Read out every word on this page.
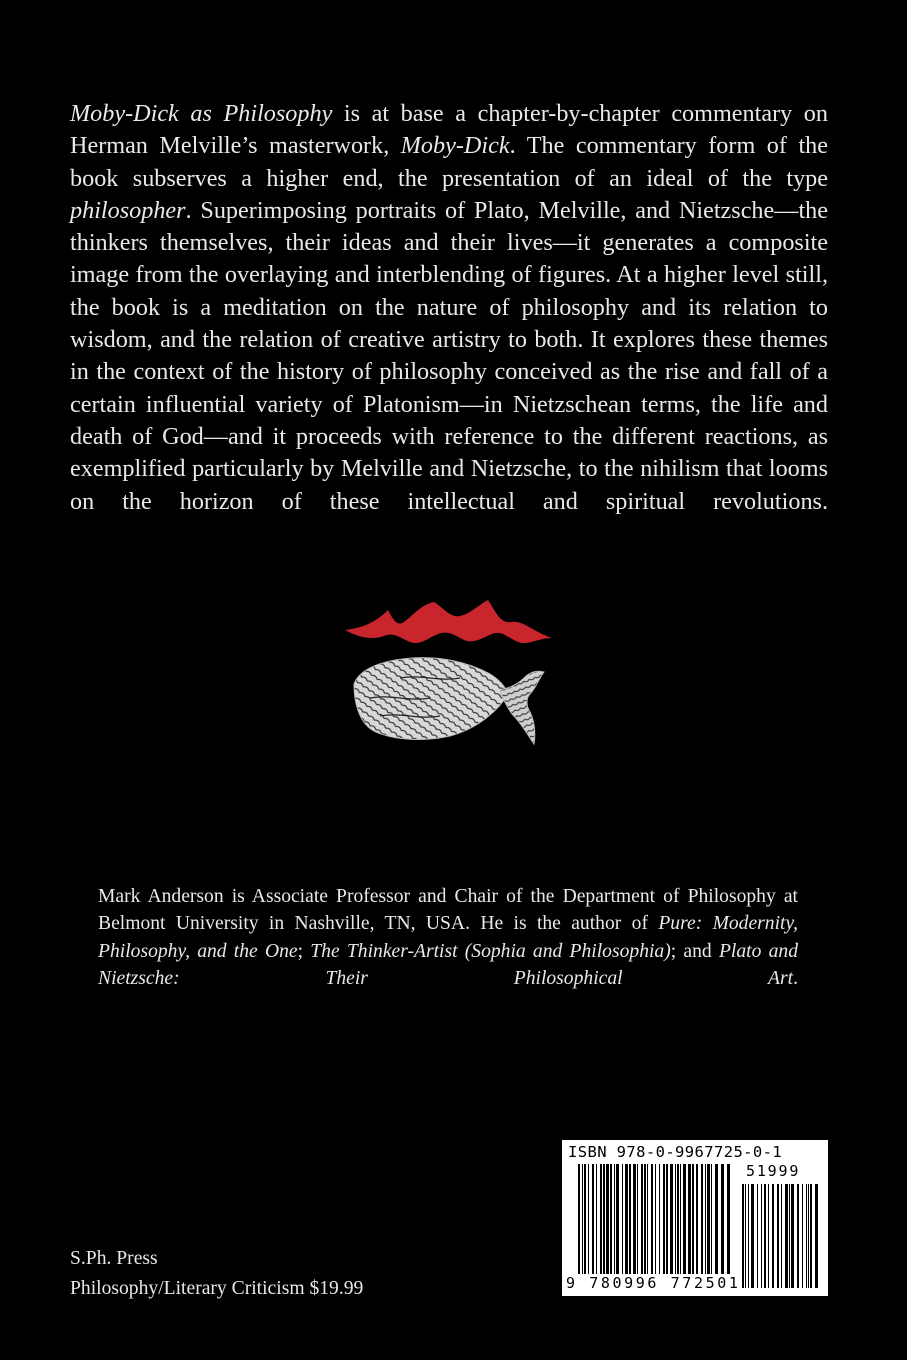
Moby-Dick as Philosophy is at base a chapter-by-chapter commentary on Herman Melville’s masterwork, Moby-Dick. The commentary form of the book subserves a higher end, the presentation of an ideal of the type philosopher. Superimposing portraits of Plato, Melville, and Nietzsche—the thinkers themselves, their ideas and their lives—it generates a composite image from the overlaying and interblending of figures. At a higher level still, the book is a meditation on the nature of philosophy and its relation to wisdom, and the relation of creative artistry to both. It explores these themes in the context of the history of philosophy conceived as the rise and fall of a certain influential variety of Platonism—in Nietzschean terms, the life and death of God—and it proceeds with reference to the different reactions, as exemplified particularly by Melville and Nietzsche, to the nihilism that looms on the horizon of these intellectual and spiritual revolutions.

Mark Anderson is Associate Professor and Chair of the Department of Philosophy at Belmont University in Nashville, TN, USA. He is the author of Pure: Modernity, Philosophy, and the One; The Thinker-Artist (Sophia and Philosophia); and Plato and Nietzsche: Their Philosophical Art.

S.Ph. Press
Philosophy/Literary Criticism $19.99
ISBN 978-0-9967725-0-1
51999
9 780996 772501
